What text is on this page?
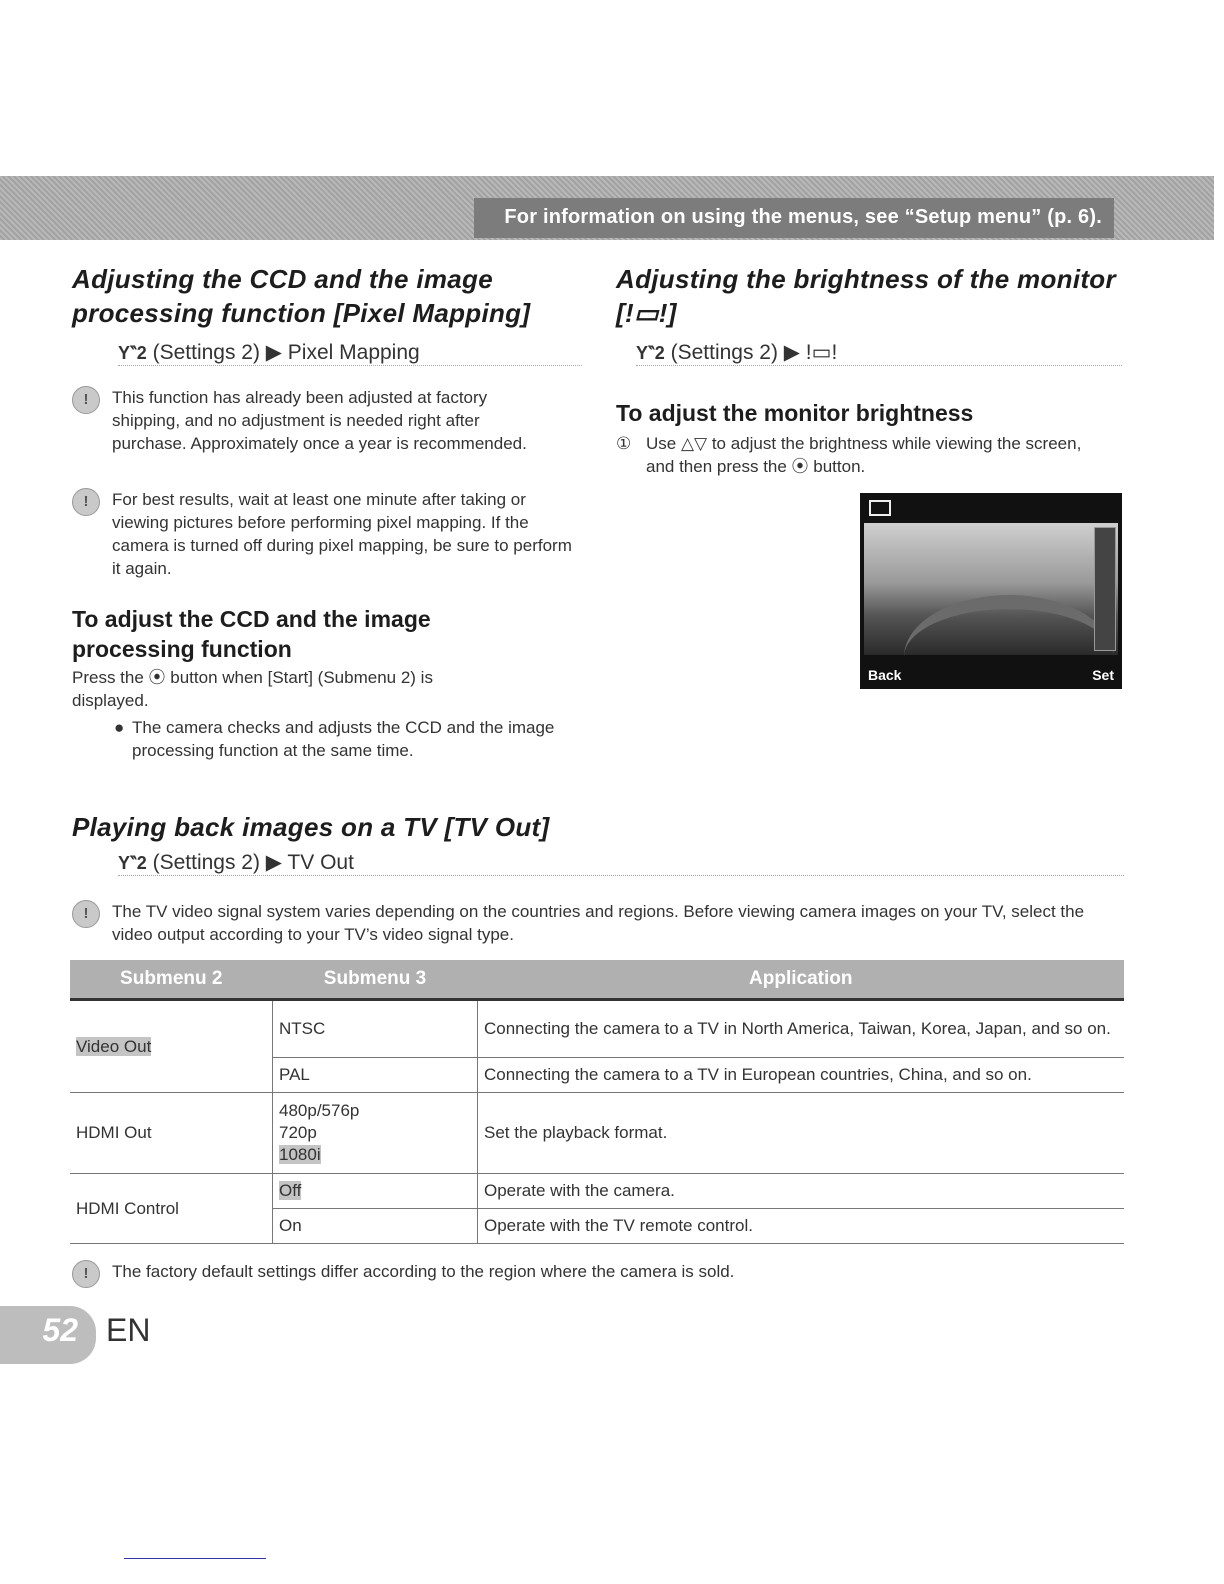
For information on using the menus, see “Setup menu” (p. 6).
Adjusting the CCD and the image
processing function [Pixel Mapping]
Y‶2 (Settings 2) ▶ Pixel Mapping
!	This function has already been adjusted at factory shipping, and no adjustment is needed right after purchase. Approximately once a year is recommended.
!	For best results, wait at least one minute after taking or viewing pictures before performing pixel mapping. If the camera is turned off during pixel mapping, be sure to perform it again.
To adjust the CCD and the image processing function
Press the ⦿ button when [Start] (Submenu 2) is displayed.
● The camera checks and adjusts the CCD and the image processing function at the same time.
Adjusting the brightness of the monitor
[!▭!]
Y‶2 (Settings 2) ▶ !▭!
To adjust the monitor brightness
① Use △▽ to adjust the brightness while viewing the screen, and then press the ⦿ button.
Back	Set
Playing back images on a TV [TV Out]
Y‶2 (Settings 2) ▶ TV Out
!	The TV video signal system varies depending on the countries and regions. Before viewing camera images on your TV, select the video output according to your TV’s video signal type.
Submenu 2	Submenu 3	Application
Video Out	NTSC	Connecting the camera to a TV in North America, Taiwan, Korea, Japan, and so on.
	PAL	Connecting the camera to a TV in European countries, China, and so on.
HDMI Out	480p/576p
720p
1080i	Set the playback format.
HDMI Control	Off	Operate with the camera.
	On	Operate with the TV remote control.
!	The factory default settings differ according to the region where the camera is sold.
52 EN
